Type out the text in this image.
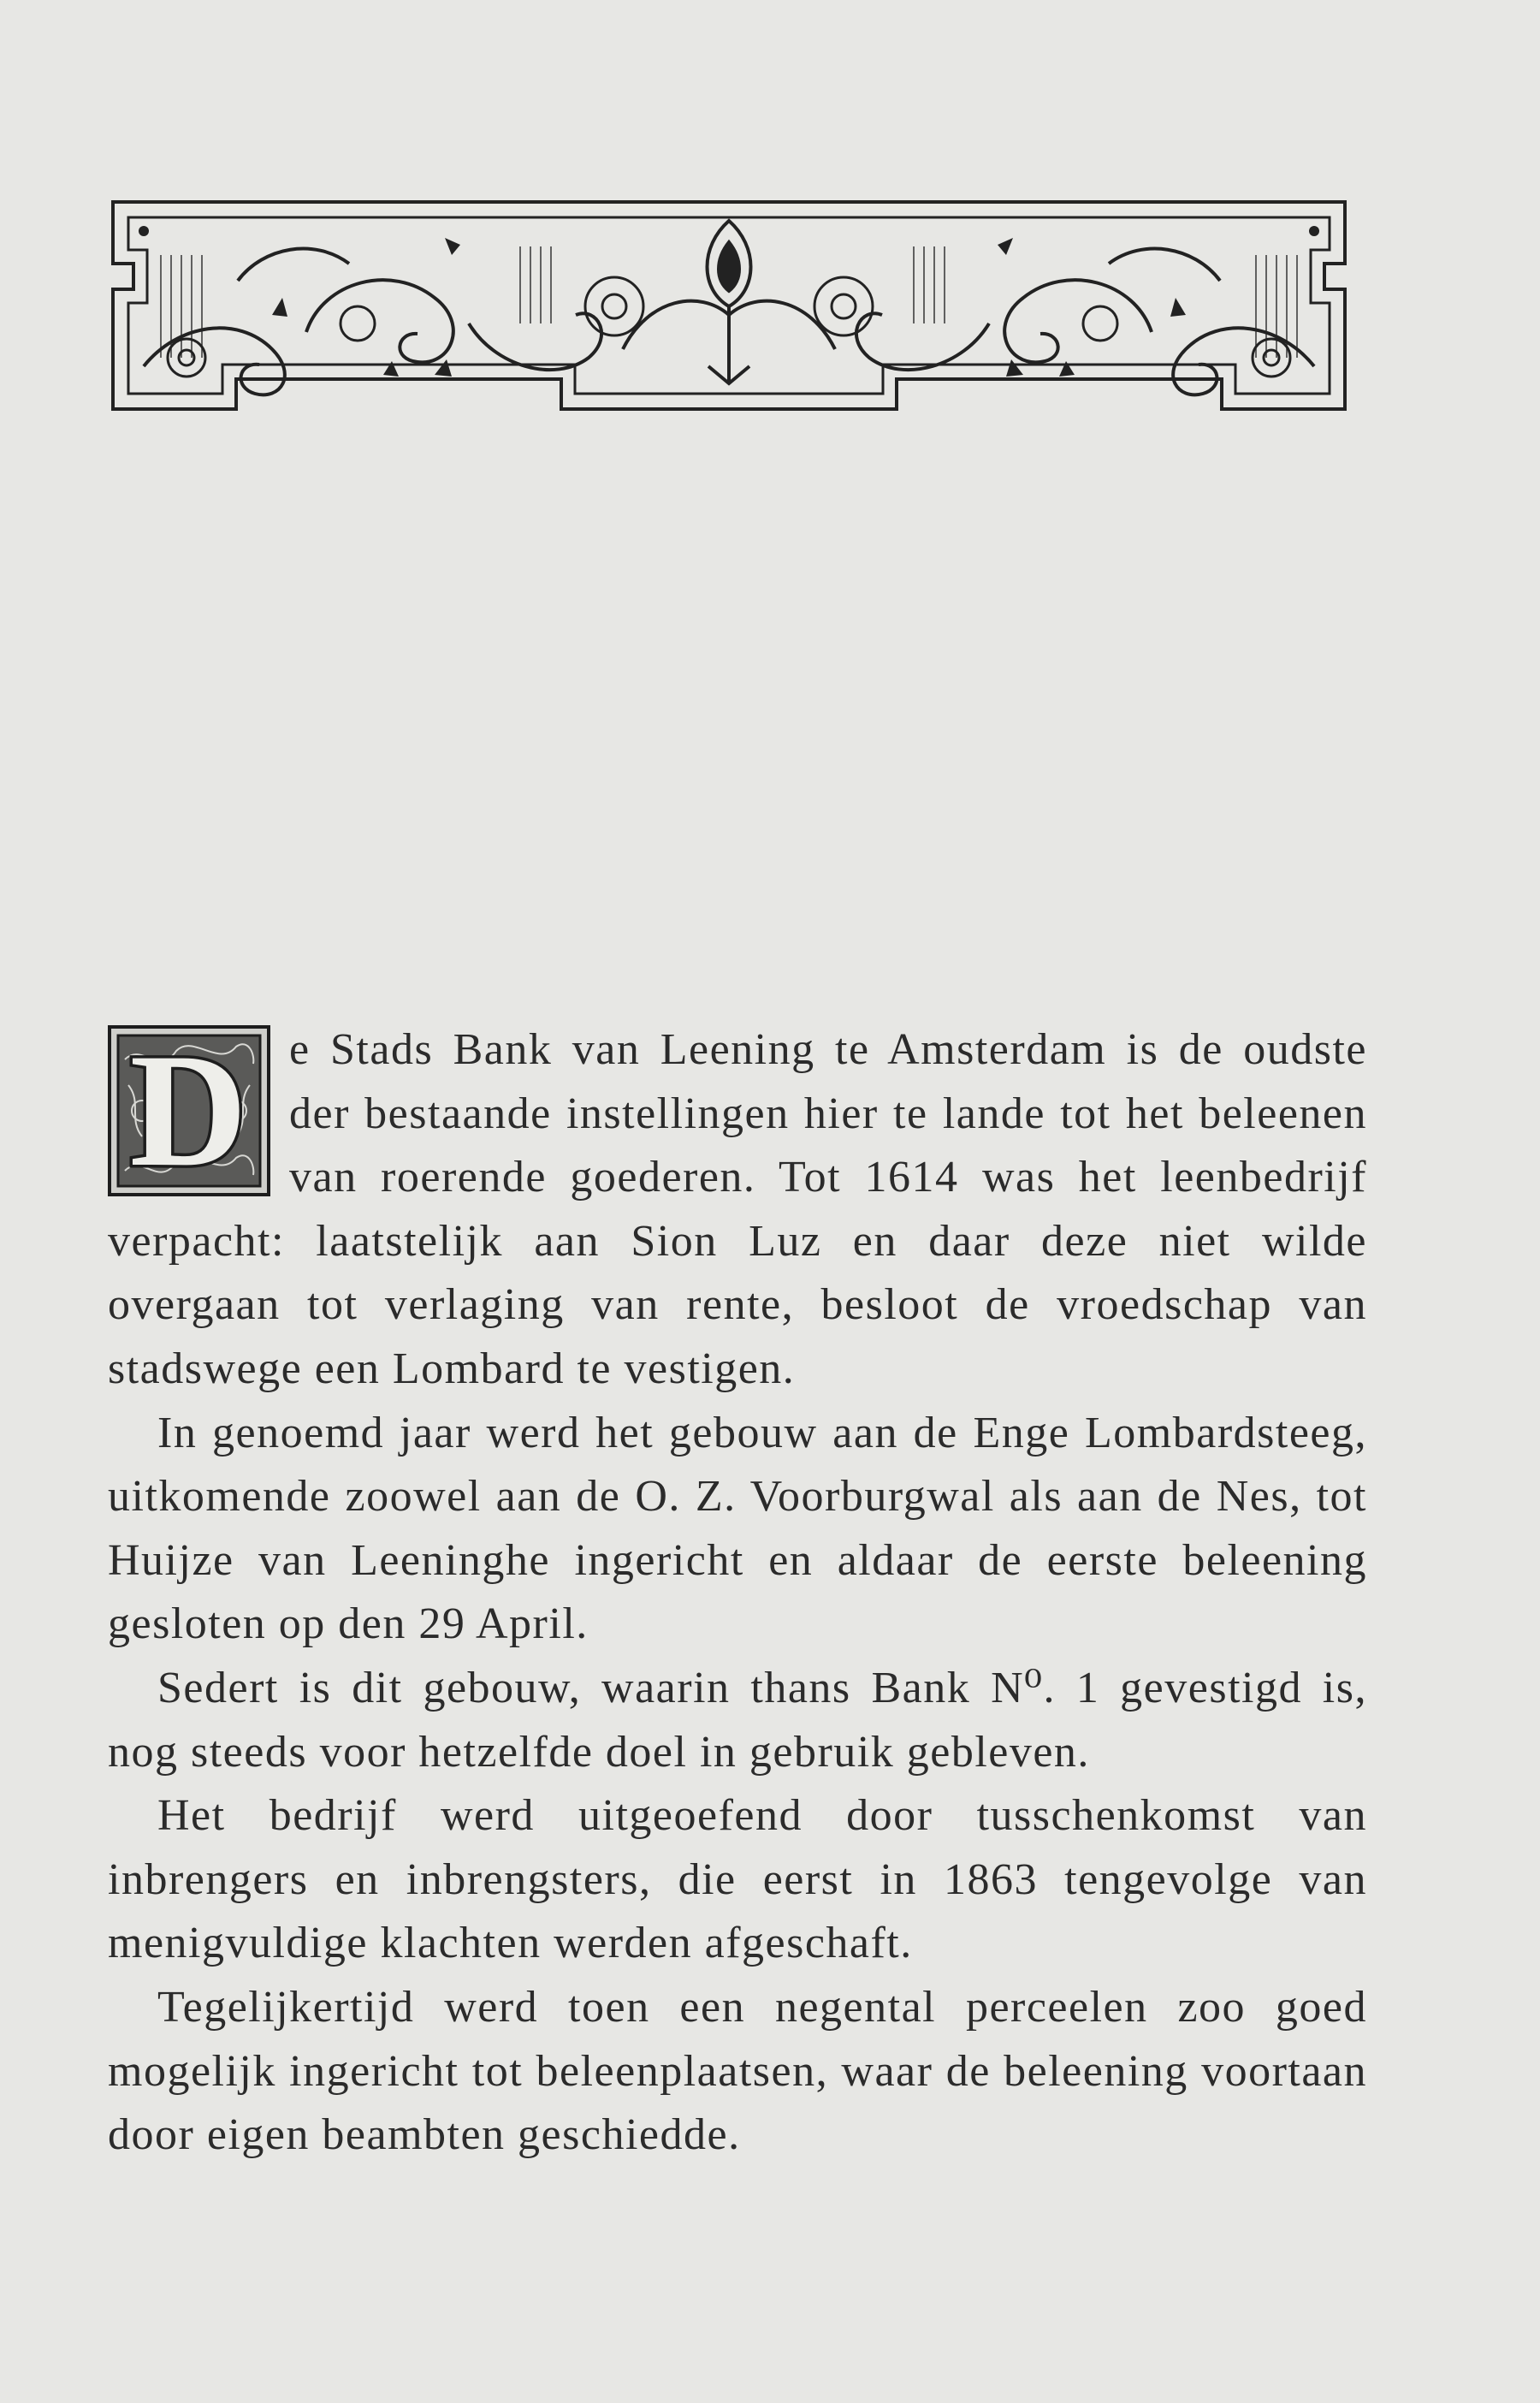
D e Stads Bank van Leening te Amsterdam is de oudste der bestaande instellingen hier te lande tot het beleenen van roerende goederen. Tot 1614 was het leenbedrijf verpacht: laatstelijk aan Sion Luz en daar deze niet wilde overgaan tot verlaging van rente, besloot de vroedschap van stadswege een Lombard te vestigen.

In genoemd jaar werd het gebouw aan de Enge Lombardsteeg, uitkomende zoowel aan de O. Z. Voorburgwal als aan de Nes, tot Huijze van Leeninghe ingericht en aldaar de eerste beleening gesloten op den 29 April.

Sedert is dit gebouw, waarin thans Bank N⁰. 1 gevestigd is, nog steeds voor hetzelfde doel in gebruik gebleven.

Het bedrijf werd uitgeoefend door tusschenkomst van inbrengers en inbrengsters, die eerst in 1863 tengevolge van menigvuldige klachten werden afgeschaft.

Tegelijkertijd werd toen een negental perceelen zoo goed mogelijk ingericht tot beleenplaatsen, waar de beleening voortaan door eigen beambten geschiedde.
